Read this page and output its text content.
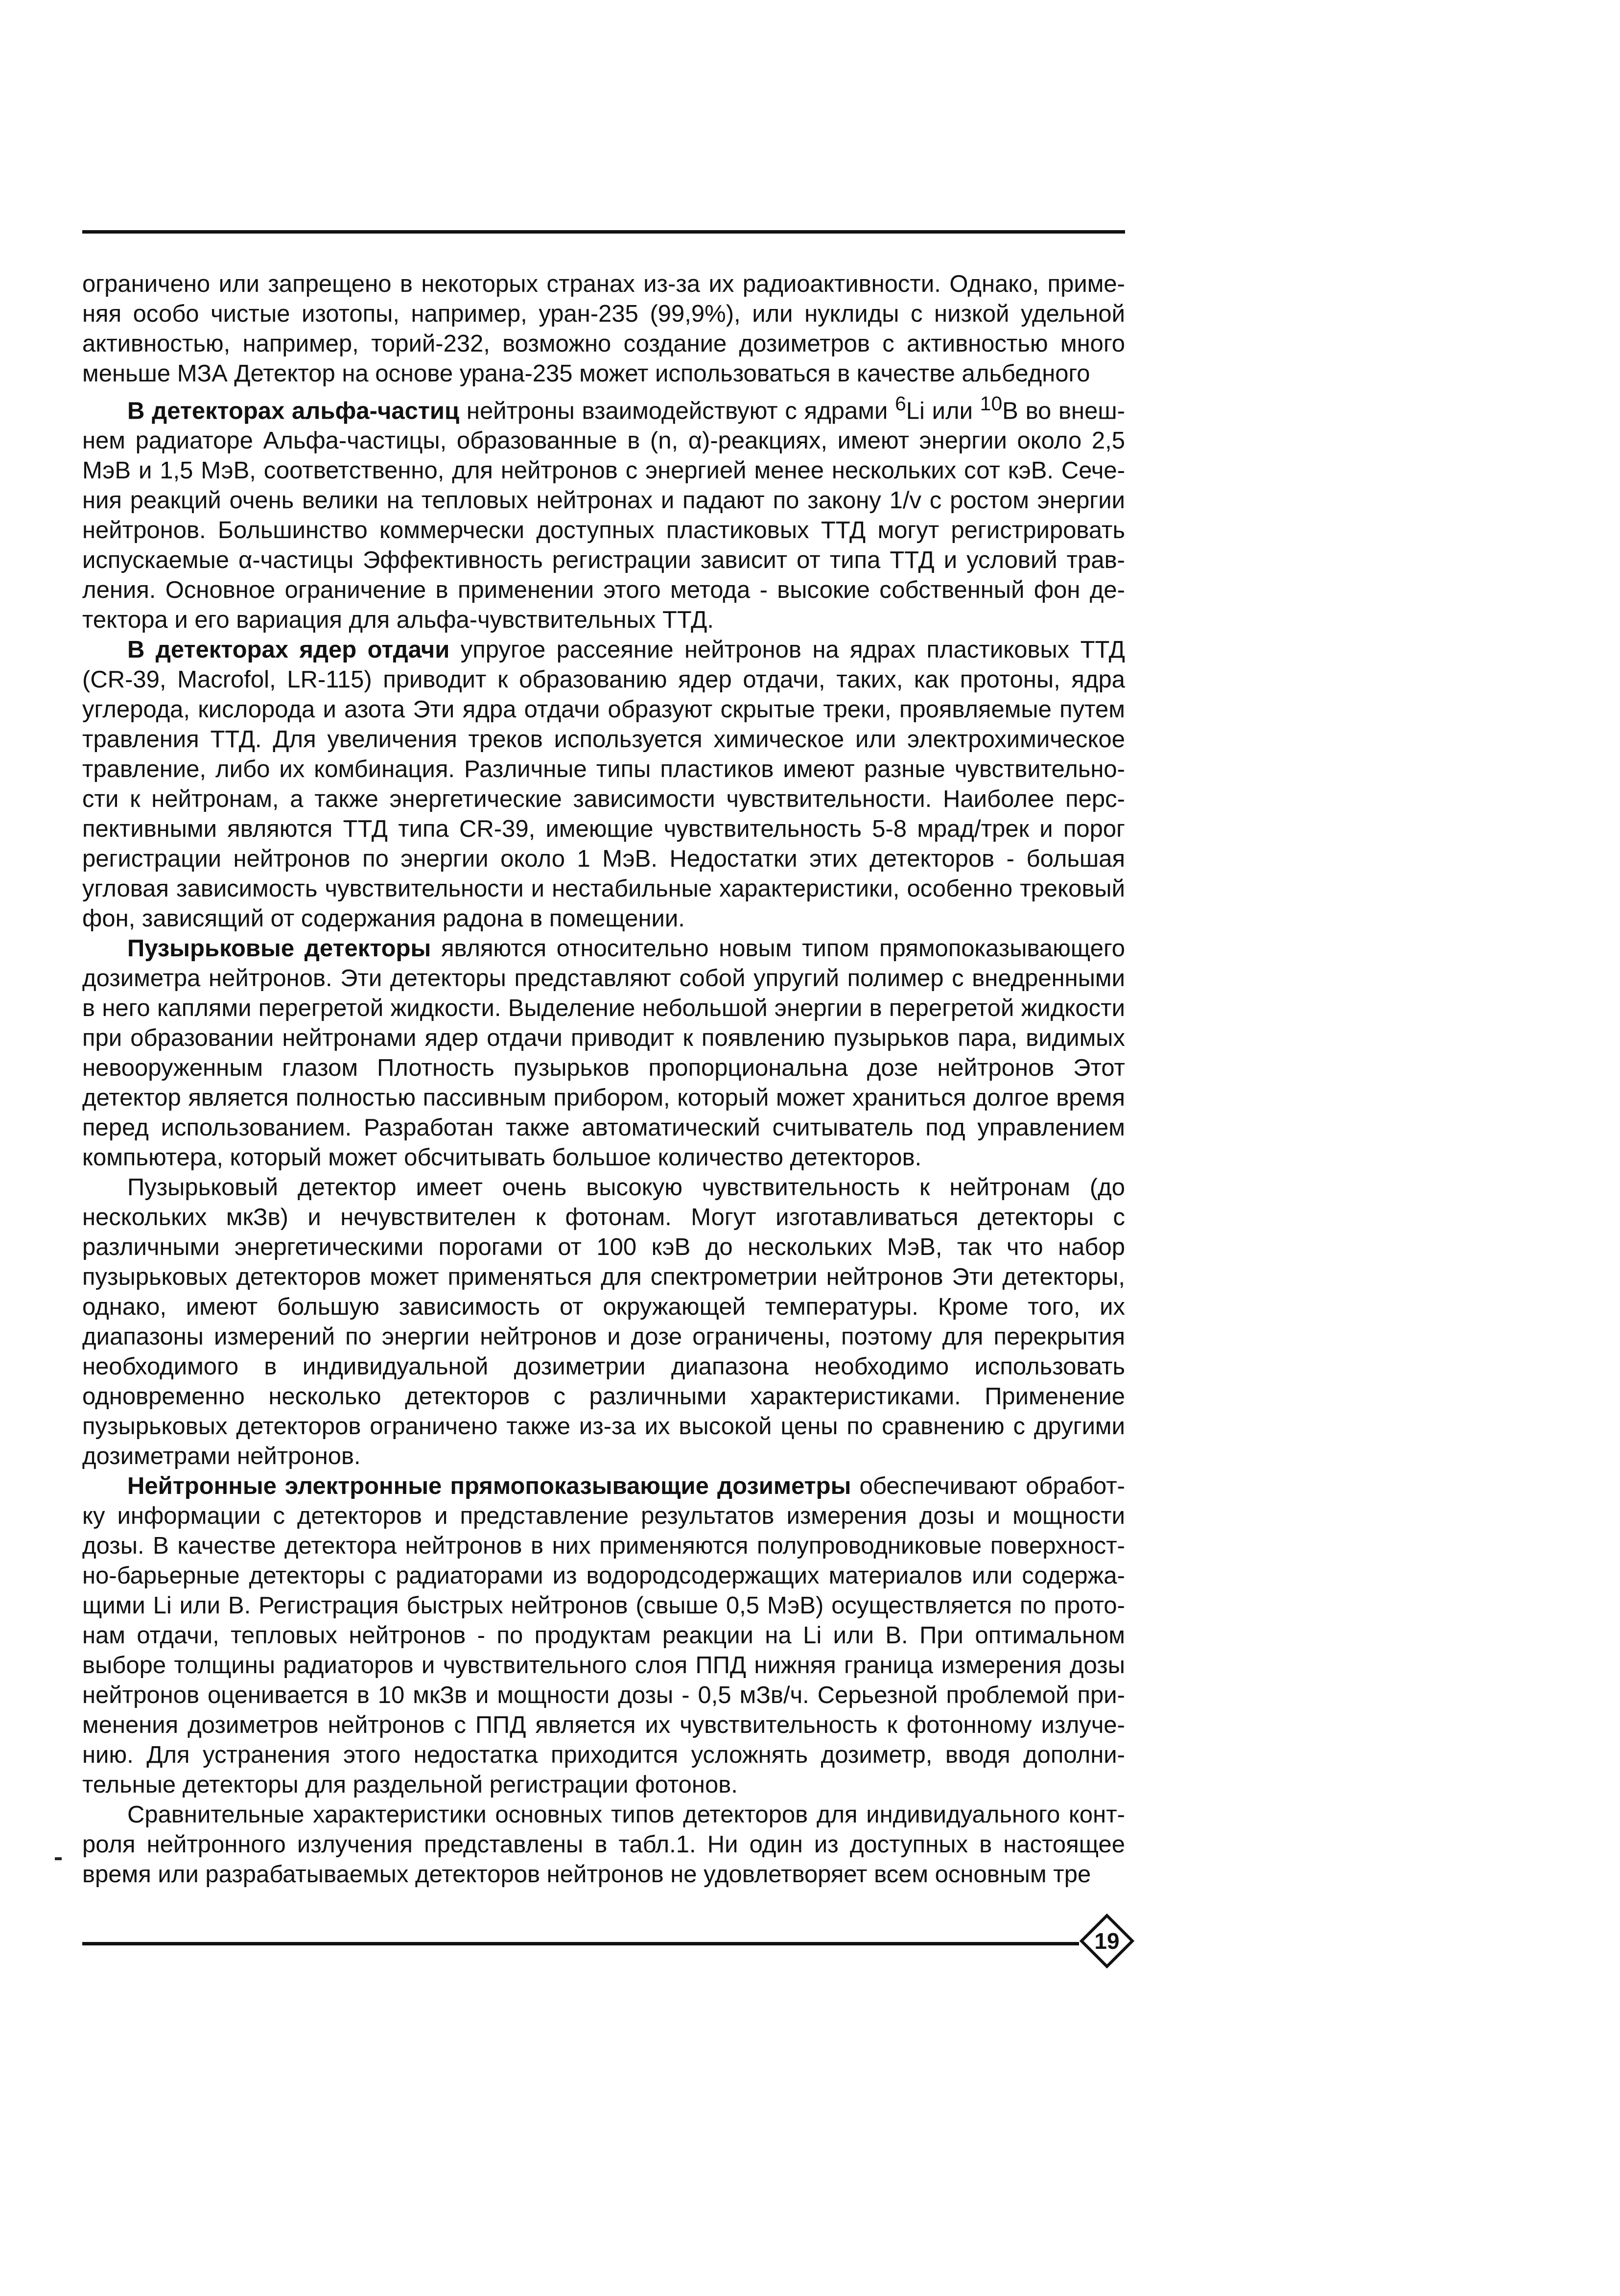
ограничено или запрещено в некоторых странах из-за их радиоактивности. Однако, применяя особо чистые изотопы, например, уран-235 (99,9%), или нуклиды с низкой удельной активностью, например, торий-232, возможно создание дозиметров с активностью много меньше МЗА Детектор на основе урана-235 может использоваться в качестве альбедного

В детекторах альфа-частиц нейтроны взаимодействуют с ядрами $^6$Li или $^{10}$B во внешнем радиаторе Альфа-частицы, образованные в (n, α)-реакциях, имеют энергии около 2,5 МэВ и 1,5 МэВ, соответственно, для нейтронов с энергией менее нескольких сот кэВ. Сечения реакций очень велики на тепловых нейтронах и падают по закону 1/v с ростом энергии нейтронов. Большинство коммерчески доступных пластиковых ТТД могут регистрировать испускаемые α-частицы Эффективность регистрации зависит от типа ТТД и условий травления. Основное ограничение в применении этого метода - высокие собственный фон детектора и его вариация для альфа-чувствительных ТТД.

В детекторах ядер отдачи упругое рассеяние нейтронов на ядрах пластиковых ТТД (CR-39, Macrofol, LR-115) приводит к образованию ядер отдачи, таких, как протоны, ядра углерода, кислорода и азота Эти ядра отдачи образуют скрытые треки, проявляемые путем травления ТТД. Для увеличения треков используется химическое или электрохимическое травление, либо их комбинация. Различные типы пластиков имеют разные чувствительности к нейтронам, а также энергетические зависимости чувствительности. Наиболее перспективными являются ТТД типа CR-39, имеющие чувствительность 5-8 мрад/трек и порог регистрации нейтронов по энергии около 1 МэВ. Недостатки этих детекторов - большая угловая зависимость чувствительности и нестабильные характеристики, особенно трековый фон, зависящий от содержания радона в помещении.

Пузырьковые детекторы являются относительно новым типом прямопоказывающего дозиметра нейтронов. Эти детекторы представляют собой упругий полимер с внедренными в него каплями перегретой жидкости. Выделение небольшой энергии в перегретой жидкости при образовании нейтронами ядер отдачи приводит к появлению пузырьков пара, видимых невооруженным глазом Плотность пузырьков пропорциональна дозе нейтронов Этот детектор является полностью пассивным прибором, который может храниться долгое время перед использованием. Разработан также автоматический считыватель под управлением компьютера, который может обсчитывать большое количество детекторов.

Пузырьковый детектор имеет очень высокую чувствительность к нейтронам (до нескольких мкЗв) и нечувствителен к фотонам. Могут изготавливаться детекторы с различными энергетическими порогами от 100 кэВ до нескольких МэВ, так что набор пузырьковых детекторов может применяться для спектрометрии нейтронов Эти детекторы, однако, имеют большую зависимость от окружающей температуры. Кроме того, их диапазоны измерений по энергии нейтронов и дозе ограничены, поэтому для перекрытия необходимого в индивидуальной дозиметрии диапазона необходимо использовать одновременно несколько детекторов с различными характеристиками. Применение пузырьковых детекторов ограничено также из-за их высокой цены по сравнению с другими дозиметрами нейтронов.

Нейтронные электронные прямопоказывающие дозиметры обеспечивают обработку информации с детекторов и представление результатов измерения дозы и мощности дозы. В качестве детектора нейтронов в них применяются полупроводниковые поверхностно-барьерные детекторы с радиаторами из водородсодержащих материалов или содержащими Li или B. Регистрация быстрых нейтронов (свыше 0,5 МэВ) осуществляется по протонам отдачи, тепловых нейтронов - по продуктам реакции на Li или B. При оптимальном выборе толщины радиаторов и чувствительного слоя ППД нижняя граница измерения дозы нейтронов оценивается в 10 мкЗв и мощности дозы - 0,5 мЗв/ч. Серьезной проблемой применения дозиметров нейтронов с ППД является их чувствительность к фотонному излучению. Для устранения этого недостатка приходится усложнять дозиметр, вводя дополнительные детекторы для раздельной регистрации фотонов.

Сравнительные характеристики основных типов детекторов для индивидуального контроля нейтронного излучения представлены в табл.1. Ни один из доступных в настоящее время или разрабатываемых детекторов нейтронов не удовлетворяет всем основным тре

19
